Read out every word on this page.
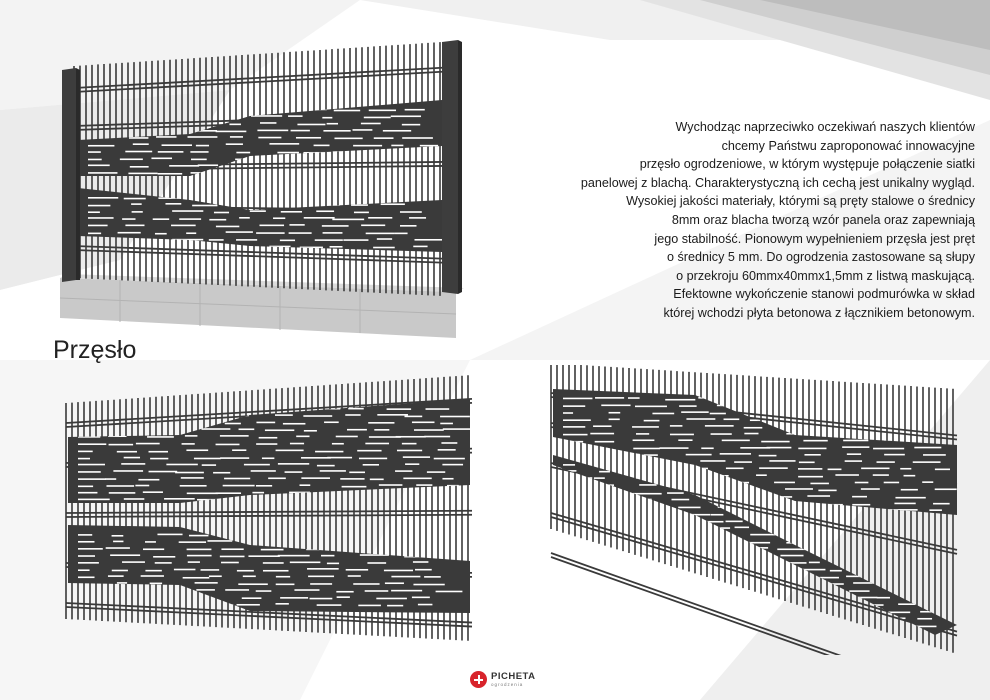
Wychodząc naprzeciwko oczekiwań naszych klientów

chcemy Państwu zaproponować innowacyjne

przęsło ogrodzeniowe, w którym występuje połączenie siatki

panelowej z blachą. Charakterystyczną ich cechą jest unikalny wygląd.

Wysokiej jakości materiały, którymi są pręty stalowe o średnicy

8mm oraz blacha tworzą wzór panela oraz zapewniają

jego stabilność. Pionowym wypełnieniem przęsła jest pręt

o średnicy 5 mm. Do ogrodzenia zastosowane są słupy

o przekroju 60mmx40mmx1,5mm z listwą maskującą.

Efektowne wykończenie stanowi podmurówka w skład

której wchodzi płyta betonowa z łącznikiem betonowym.

Przęsło
PICHETA
ogrodzenia
